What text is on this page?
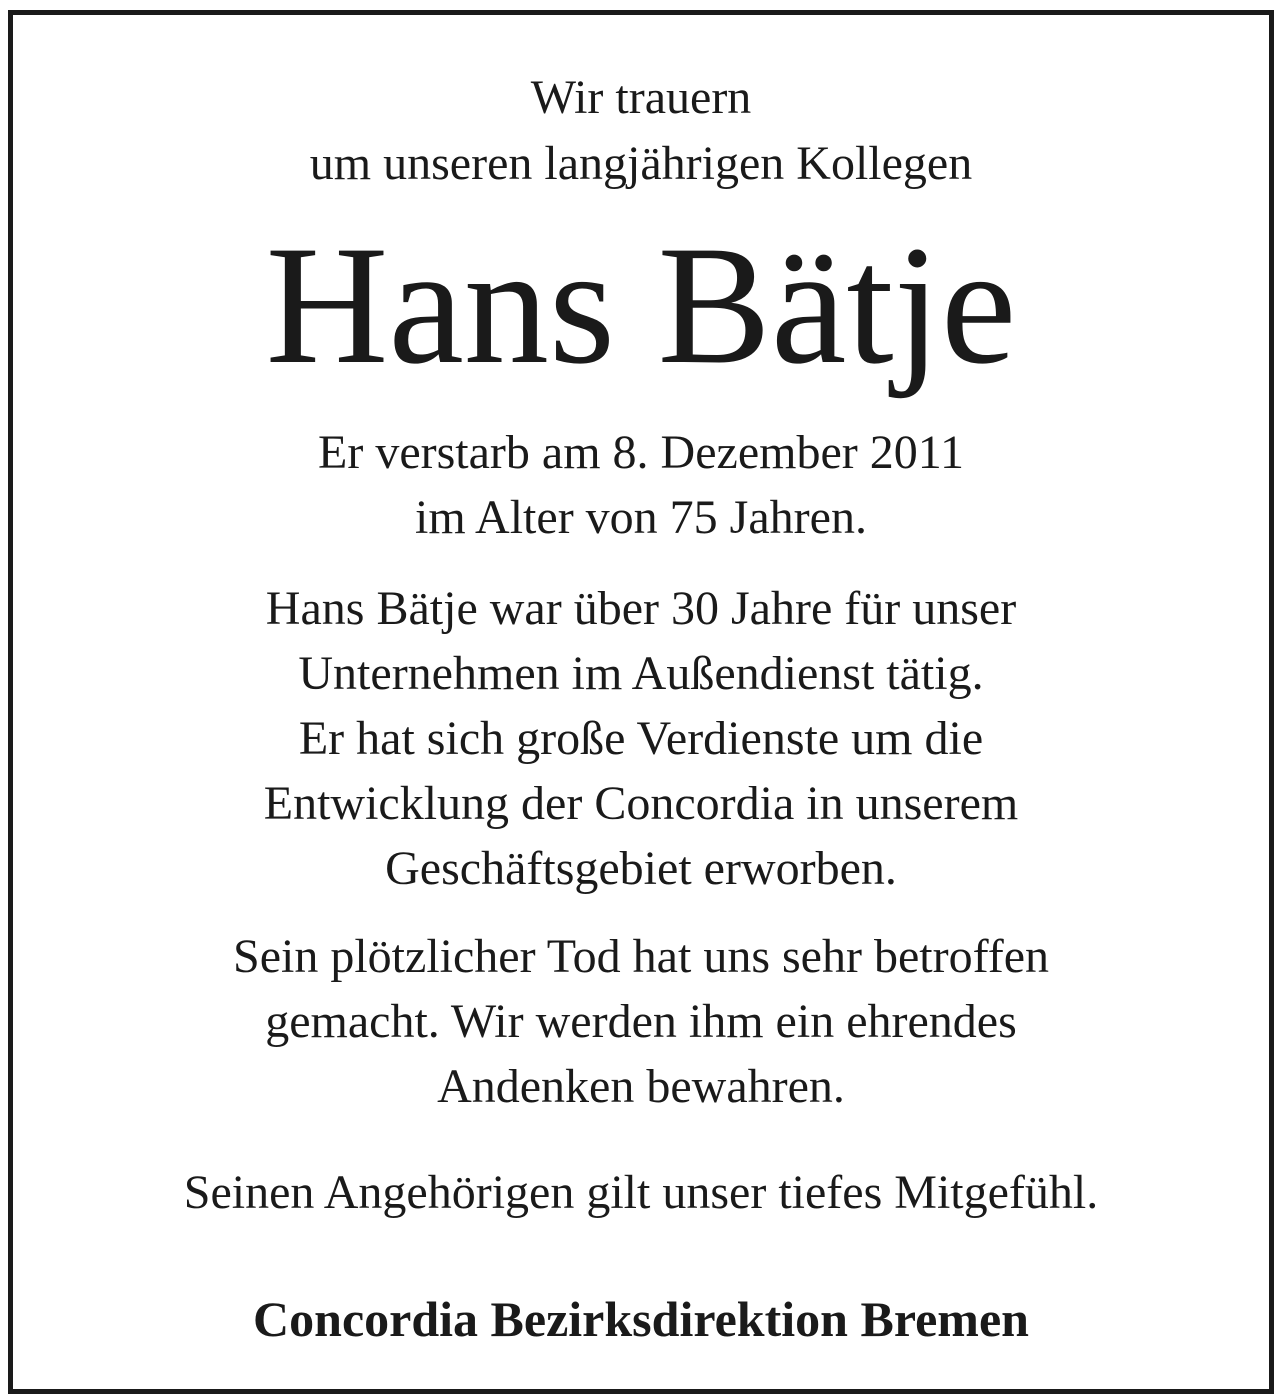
Wir trauern
um unseren langjährigen Kollegen
Hans Bätje
Er verstarb am 8. Dezember 2011
im Alter von 75 Jahren.
Hans Bätje war über 30 Jahre für unser
Unternehmen im Außendienst tätig.
Er hat sich große Verdienste um die
Entwicklung der Concordia in unserem
Geschäftsgebiet erworben.
Sein plötzlicher Tod hat uns sehr betroffen
gemacht. Wir werden ihm ein ehrendes
Andenken bewahren.
Seinen Angehörigen gilt unser tiefes Mitgefühl.
Concordia Bezirksdirektion Bremen
